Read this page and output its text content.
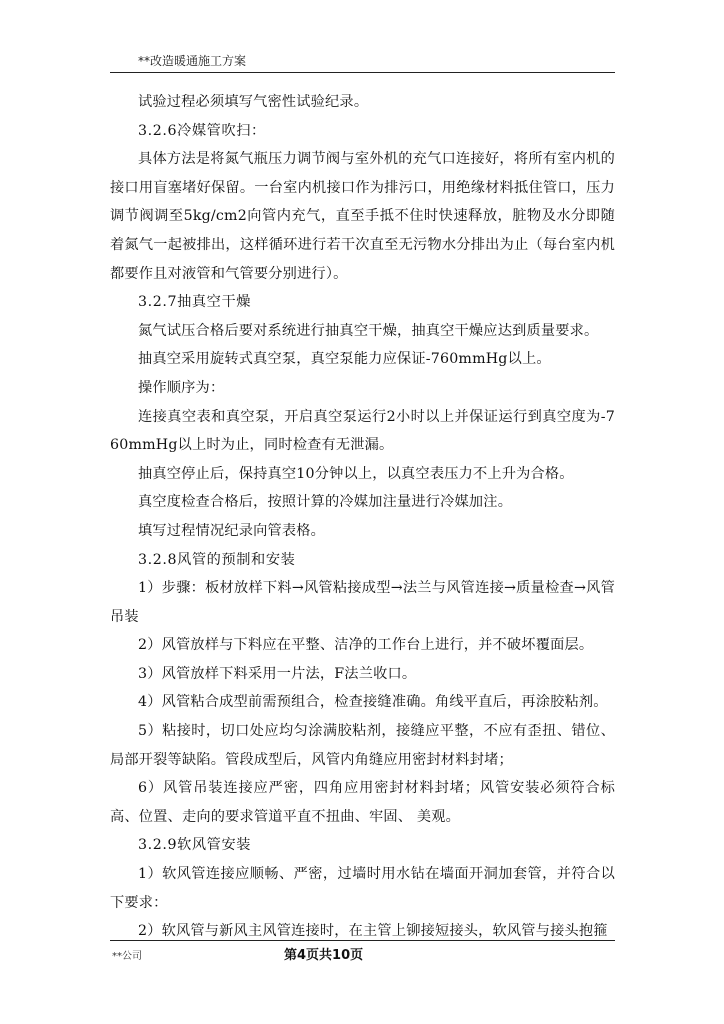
**改造暖通施工方案

试验过程必须填写气密性试验纪录。

3.2.6冷媒管吹扫：

具体方法是将氮气瓶压力调节阀与室外机的充气口连接好，将所有室内机的接口用盲塞堵好保留。一台室内机接口作为排污口，用绝缘材料抵住管口，压力调节阀调至5kg/cm2向管内充气，直至手抵不住时快速释放，脏物及水分即随着氮气一起被排出，这样循环进行若干次直至无污物水分排出为止（每台室内机都要作且对液管和气管要分别进行）。

3.2.7抽真空干燥

氮气试压合格后要对系统进行抽真空干燥，抽真空干燥应达到质量要求。

抽真空采用旋转式真空泵，真空泵能力应保证-760mmHg以上。

操作顺序为：

连接真空表和真空泵，开启真空泵运行2小时以上并保证运行到真空度为-760mmHg以上时为止，同时检查有无泄漏。

抽真空停止后，保持真空10分钟以上，以真空表压力不上升为合格。

真空度检查合格后，按照计算的冷媒加注量进行冷媒加注。

填写过程情况纪录向管表格。

3.2.8风管的预制和安装

1）步骤：板材放样下料→风管粘接成型→法兰与风管连接→质量检查→风管吊装

2）风管放样与下料应在平整、洁净的工作台上进行，并不破坏覆面层。

3）风管放样下料采用一片法，F法兰收口。

4）风管粘合成型前需预组合，检查接缝准确。角线平直后，再涂胶粘剂。

5）粘接时，切口处应均匀涂满胶粘剂，接缝应平整，不应有歪扭、错位、局部开裂等缺陷。管段成型后，风管内角缝应用密封材料封堵；

6）风管吊装连接应严密，四角应用密封材料封堵；风管安装必须符合标高、位置、走向的要求管道平直不扭曲、牢固、 美观。

3.2.9软风管安装

1）软风管连接应顺畅、严密，过墙时用水钻在墙面开洞加套管，并符合以下要求：

2）软风管与新风主风管连接时，在主管上铆接短接头，软风管与接头抱箍

**公司	第4页共10页
